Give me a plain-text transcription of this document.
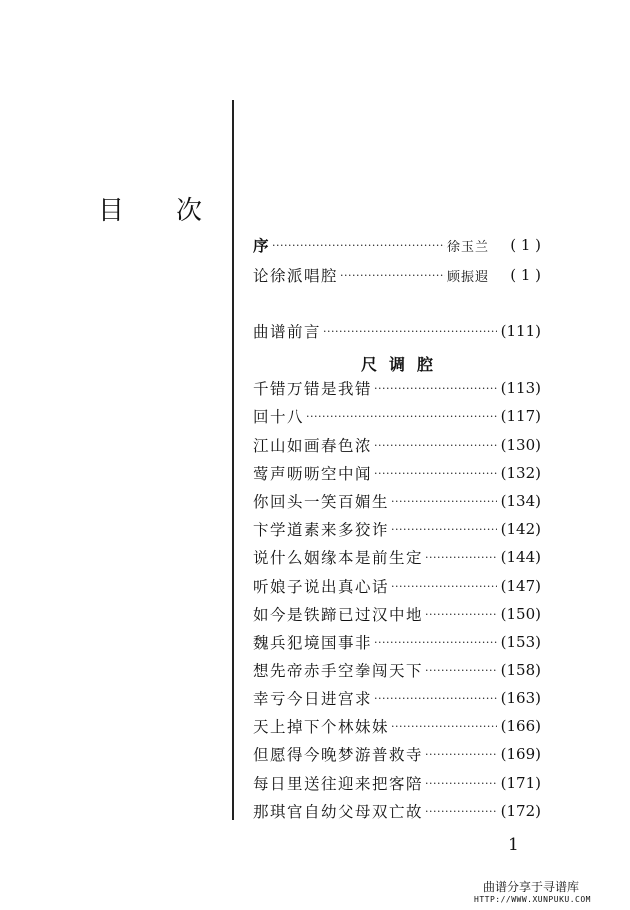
目 次
序 ·····	徐玉兰	( 1 )
论徐派唱腔 ·····	顾振遐	( 1 )
曲谱前言 ·····	(111)
尺调腔
千错万错是我错 ·····	(113)
回十八 ·····	(117)
江山如画春色浓 ·····	(130)
莺声呖呖空中闻 ·····	(132)
你回头一笑百媚生 ·····	(134)
卞学道素来多狡诈 ·····	(142)
说什么姻缘本是前生定 ·····	(144)
听娘子说出真心话 ·····	(147)
如今是铁蹄已过汉中地 ·····	(150)
魏兵犯境国事非 ·····	(153)
想先帝赤手空拳闯天下 ·····	(158)
幸亏今日进宫求 ·····	(163)
天上掉下个林妹妹 ·····	(166)
但愿得今晚梦游普救寺 ·····	(169)
每日里送往迎来把客陪 ·····	(171)
那琪官自幼父母双亡故 ·····	(172)
1
曲谱分享于寻谱库
HTTP://WWW.XUNPUKU.COM
